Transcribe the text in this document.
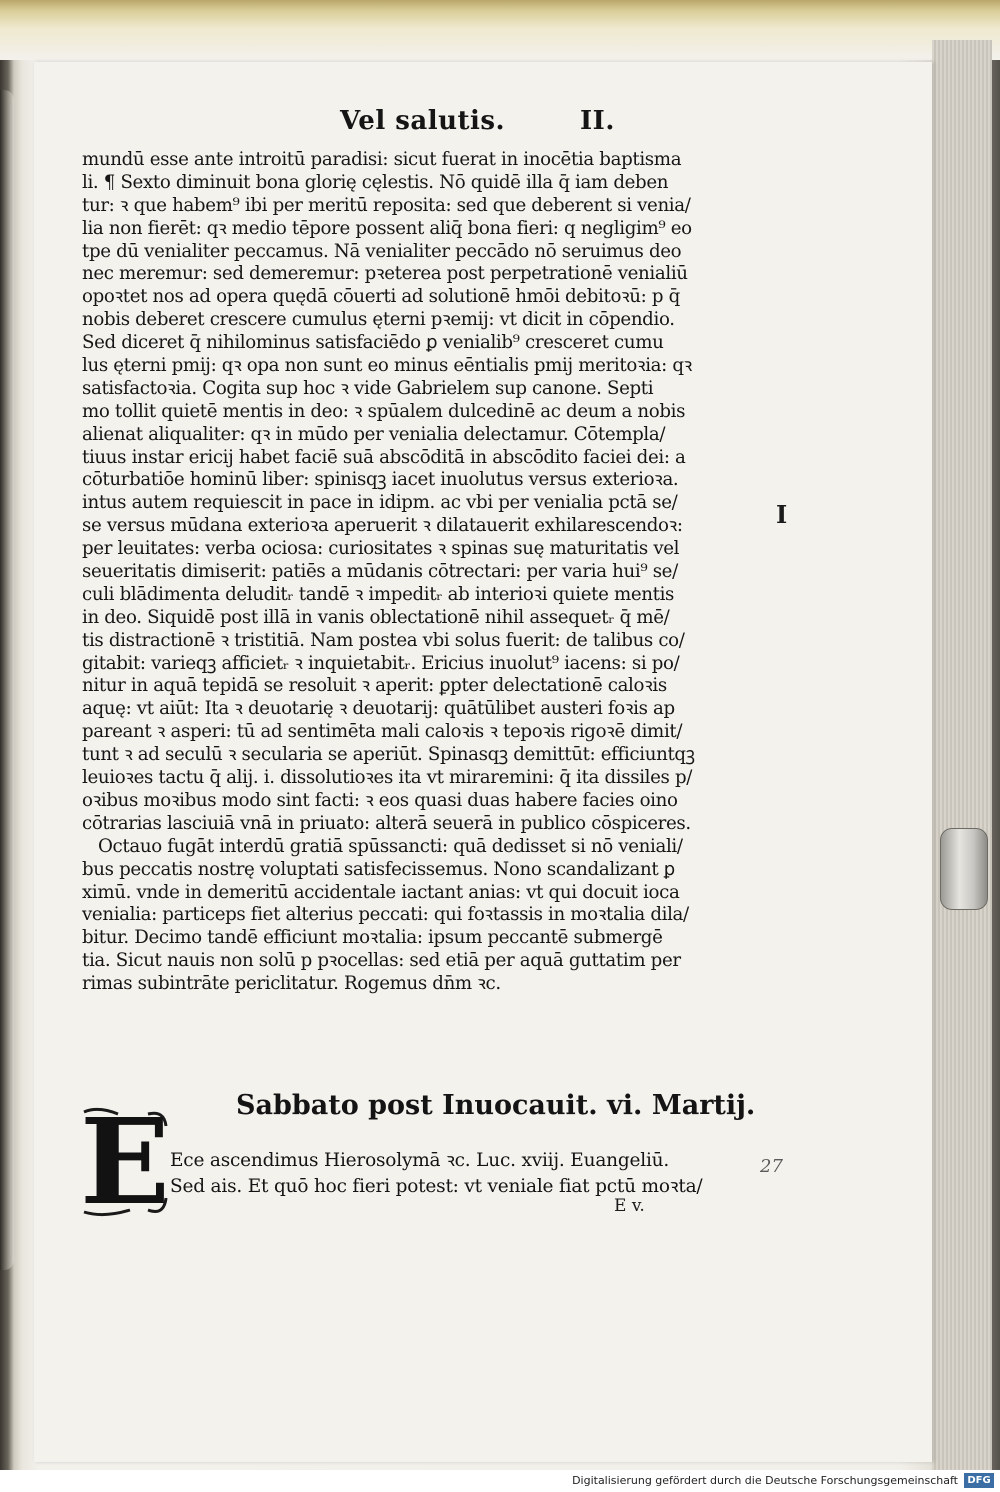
Vel salutis.	II.
mundū esse ante introitū paradisi: sicut fuerat in inocētia baptisma
li. ¶ Sexto diminuit bona glorię cęlestis. Nō quidē illa q̄ iam deben
tur: ꝛ que habem⁹ ibi per meritū reposita: sed que deberent si venia/
lia non fierēt: qꝛ medio tēpore possent aliq̄ bona fieri: q negligim⁹ eo
tpe dū venialiter peccamus. Nā venialiter peccādo nō seruimus deo
nec meremur: sed demeremur: pꝛeterea post perpetrationē venialiū
opoꝛtet nos ad opera quędā cōuerti ad solutionē hmōi debitoꝛū: p q̄
nobis deberet crescere cumulus ęterni pꝛemij: vt dicit in cōpendio.
Sed diceret q̄ nihilominus satisfaciēdo ꝑ venialib⁹ cresceret cumu
lus ęterni pmij: qꝛ opa non sunt eo minus eēntialis pmij meritoꝛia: qꝛ
satisfactoꝛia. Cogita sup hoc ꝛ vide Gabrielem sup canone. Septi
mo tollit quietē mentis in deo: ꝛ spūalem dulcedinē ac deum a nobis
alienat aliqualiter: qꝛ in mūdo per venialia delectamur. Cōtempla/
tiuus instar ericij habet faciē suā abscōditā in abscōdito faciei dei: a
cōturbatiōe hominū liber: spinisqꝫ iacet inuolutus versus exterioꝛa.
intus autem requiescit in pace in idipm. ac vbi per venialia pctā se/
se versus mūdana exterioꝛa aperuerit ꝛ dilatauerit exhilarescendoꝛ:
per leuitates: verba ociosa: curiositates ꝛ spinas suę maturitatis vel
seueritatis dimiserit: patiēs a mūdanis cōtrectari: per varia hui⁹ se/
culi blādimenta deluditᵣ tandē ꝛ impeditᵣ ab interioꝛi quiete mentis
in deo. Siquidē post illā in vanis oblectationē nihil assequetᵣ q̄ mē/
tis distractionē ꝛ tristitiā. Nam postea vbi solus fuerit: de talibus co/
gitabit: varieqꝫ afficietᵣ ꝛ inquietabitᵣ. Ericius inuolut⁹ iacens: si po/
nitur in aquā tepidā se resoluit ꝛ aperit: ꝑpter delectationē caloꝛis
aquę: vt aiūt: Ita ꝛ deuotarię ꝛ deuotarij: quātūlibet austeri foꝛis ap
pareant ꝛ asperi: tū ad sentimēta mali caloꝛis ꝛ tepoꝛis rigoꝛē dimit/
tunt ꝛ ad seculū ꝛ secularia se aperiūt. Spinasqꝫ demittūt: efficiuntqꝫ
leuioꝛes tactu q̄ alij. i. dissolutioꝛes ita vt miraremini: q̄ ita dissiles p/
oꝛibus moꝛibus modo sint facti: ꝛ eos quasi duas habere facies oino
cōtrarias lasciuiā vnā in priuato: alterā seuerā in publico cōspiceres.
Octauo fugāt interdū gratiā spūssancti: quā dedisset si nō veniali/
bus peccatis nostrę voluptati satisfecissemus. Nono scandalizant ꝑ
ximū. vnde in demeritū accidentale iactant anias: vt qui docuit ioca
venialia: particeps fiet alterius peccati: qui foꝛtassis in moꝛtalia dila/
bitur. Decimo tandē efficiunt moꝛtalia: ipsum peccantē submergē
tia. Sicut nauis non solū p pꝛocellas: sed etiā per aquā guttatim per
rimas subintrāte periclitatur. Rogemus dn̄m ꝛc.
I
Sabbato post Inuocauit. vi. Martij.
E Ece ascendimus Hierosolymā ꝛc. Luc. xviij. Euangeliū.
Sed ais. Et quō hoc fieri potest: vt veniale fiat pctū moꝛta/
E v.
27
Digitalisierung gefördert durch die Deutsche Forschungsgemeinschaft DFG
